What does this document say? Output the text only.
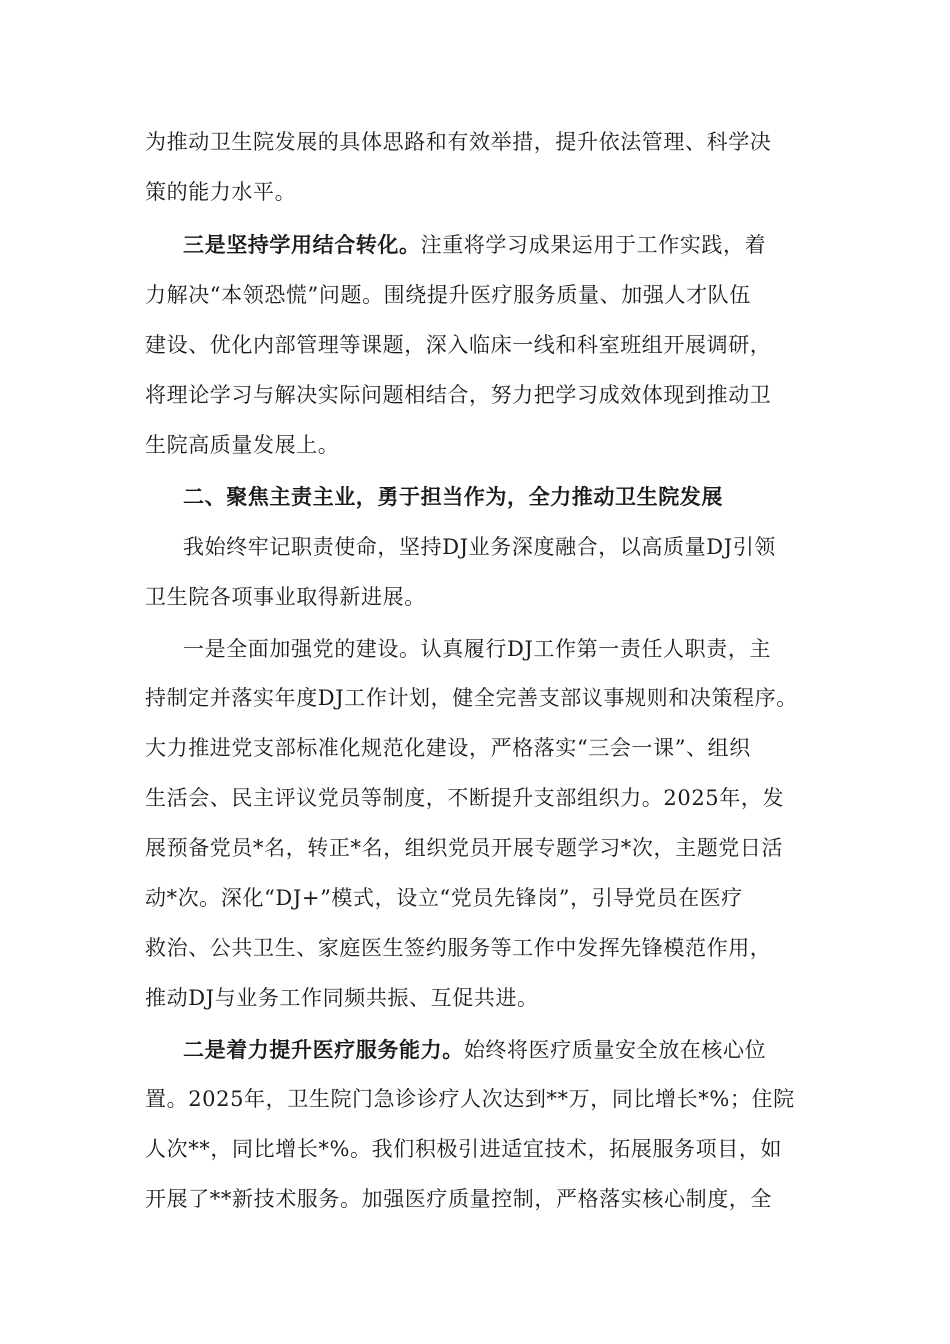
为推动卫生院发展的具体思路和有效举措，提升依法管理、科学决
策的能力水平。
三是坚持学用结合转化。注重将学习成果运用于工作实践，着
力解决“本领恐慌”问题。围绕提升医疗服务质量、加强人才队伍
建设、优化内部管理等课题，深入临床一线和科室班组开展调研，
将理论学习与解决实际问题相结合，努力把学习成效体现到推动卫
生院高质量发展上。
二、聚焦主责主业，勇于担当作为，全力推动卫生院发展
我始终牢记职责使命，坚持DJ业务深度融合，以高质量DJ引领
卫生院各项事业取得新进展。
一是全面加强党的建设。认真履行DJ工作第一责任人职责，主
持制定并落实年度DJ工作计划，健全完善支部议事规则和决策程序。
大力推进党支部标准化规范化建设，严格落实“三会一课”、组织
生活会、民主评议党员等制度，不断提升支部组织力。2025年，发
展预备党员*名，转正*名，组织党员开展专题学习*次，主题党日活
动*次。深化“DJ+”模式，设立“党员先锋岗”，引导党员在医疗
救治、公共卫生、家庭医生签约服务等工作中发挥先锋模范作用，
推动DJ与业务工作同频共振、互促共进。
二是着力提升医疗服务能力。始终将医疗质量安全放在核心位
置。2025年，卫生院门急诊诊疗人次达到**万，同比增长*%；住院
人次**，同比增长*%。我们积极引进适宜技术，拓展服务项目，如
开展了**新技术服务。加强医疗质量控制，严格落实核心制度，全
